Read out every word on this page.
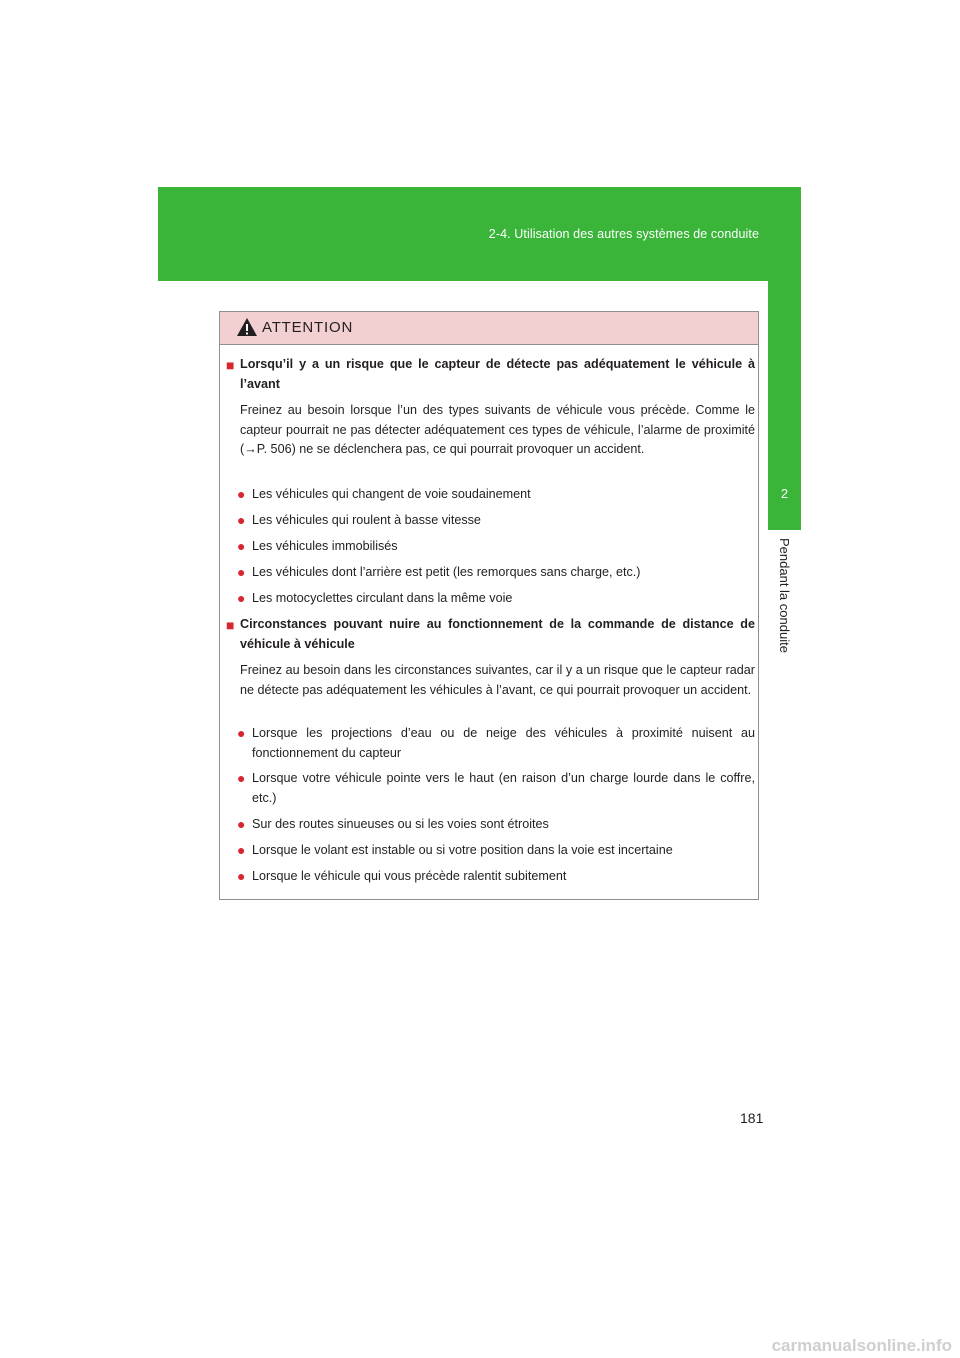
2-4. Utilisation des autres systèmes de conduite
2
Pendant la conduite
ATTENTION
■ Lorsqu’il y a un risque que le capteur de détecte pas adéquatement le véhicule à l’avant
Freinez au besoin lorsque l’un des types suivants de véhicule vous précède. Comme le capteur pourrait ne pas détecter adéquatement ces types de véhicule, l’alarme de proximité (→P. 506) ne se déclenchera pas, ce qui pourrait provoquer un accident.
● Les véhicules qui changent de voie soudainement
● Les véhicules qui roulent à basse vitesse
● Les véhicules immobilisés
● Les véhicules dont l’arrière est petit (les remorques sans charge, etc.)
● Les motocyclettes circulant dans la même voie
■ Circonstances pouvant nuire au fonctionnement de la commande de distance de véhicule à véhicule
Freinez au besoin dans les circonstances suivantes, car il y a un risque que le capteur radar ne détecte pas adéquatement les véhicules à l’avant, ce qui pourrait provoquer un accident.
● Lorsque les projections d’eau ou de neige des véhicules à proximité nuisent au fonctionnement du capteur
● Lorsque votre véhicule pointe vers le haut (en raison d’un charge lourde dans le coffre, etc.)
● Sur des routes sinueuses ou si les voies sont étroites
● Lorsque le volant est instable ou si votre position dans la voie est incertaine
● Lorsque le véhicule qui vous précède ralentit subitement
181
carmanualsonline.info
